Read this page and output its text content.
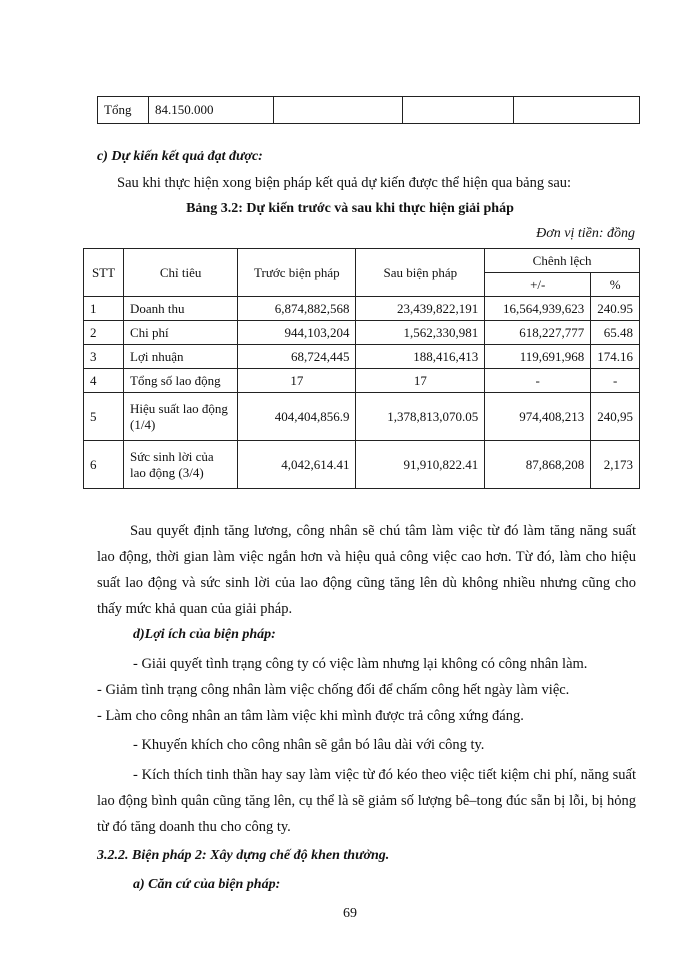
Tổng	84.150.000			
c) Dự kiến kết quả đạt được:
Sau khi thực hiện xong biện pháp kết quả dự kiến được thể hiện qua bảng sau:
Bảng 3.2: Dự kiến trước và sau khi thực hiện giải pháp
Đơn vị tiền: đồng
STT	Chỉ tiêu	Trước biện pháp	Sau biện pháp	Chênh lệch	
				+/-	%
1	Doanh thu	6,874,882,568	23,439,822,191	16,564,939,623	240.95
2	Chi phí	944,103,204	1,562,330,981	618,227,777	65.48
3	Lợi nhuận	68,724,445	188,416,413	119,691,968	174.16
4	Tổng số lao động	17	17	-	-
5	Hiệu suất lao động (1/4)	404,404,856.9	1,378,813,070.05	974,408,213	240,95
6	Sức sinh lời của lao động (3/4)	4,042,614.41	91,910,822.41	87,868,208	2,173
Sau quyết định tăng lương, công nhân sẽ chú tâm làm việc từ đó làm tăng năng suất lao động, thời gian làm việc ngắn hơn và hiệu quả công việc cao hơn. Từ đó, làm cho hiệu suất lao động và sức sinh lời của lao động cũng tăng lên dù không nhiều nhưng cũng cho thấy mức khả quan của giải pháp.
d)Lợi ích của biện pháp:
- Giải quyết tình trạng công ty có việc làm nhưng lại không có công nhân làm.
- Giảm tình trạng công nhân làm việc chống đối để chấm công hết ngày làm việc.
- Làm cho công nhân an tâm làm việc khi mình được trả công xứng đáng.
- Khuyến khích cho công nhân sẽ gắn bó lâu dài với công ty.
- Kích thích tinh thần hay say làm việc từ đó kéo theo việc tiết kiệm chi phí, năng suất lao động bình quân cũng tăng lên, cụ thể là sẽ giảm số lượng bê–tong đúc sẵn bị lỗi, bị hỏng từ đó tăng doanh thu cho công ty.
3.2.2. Biện pháp 2: Xây dựng chế độ khen thưởng.
a) Căn cứ của biện pháp:
69
